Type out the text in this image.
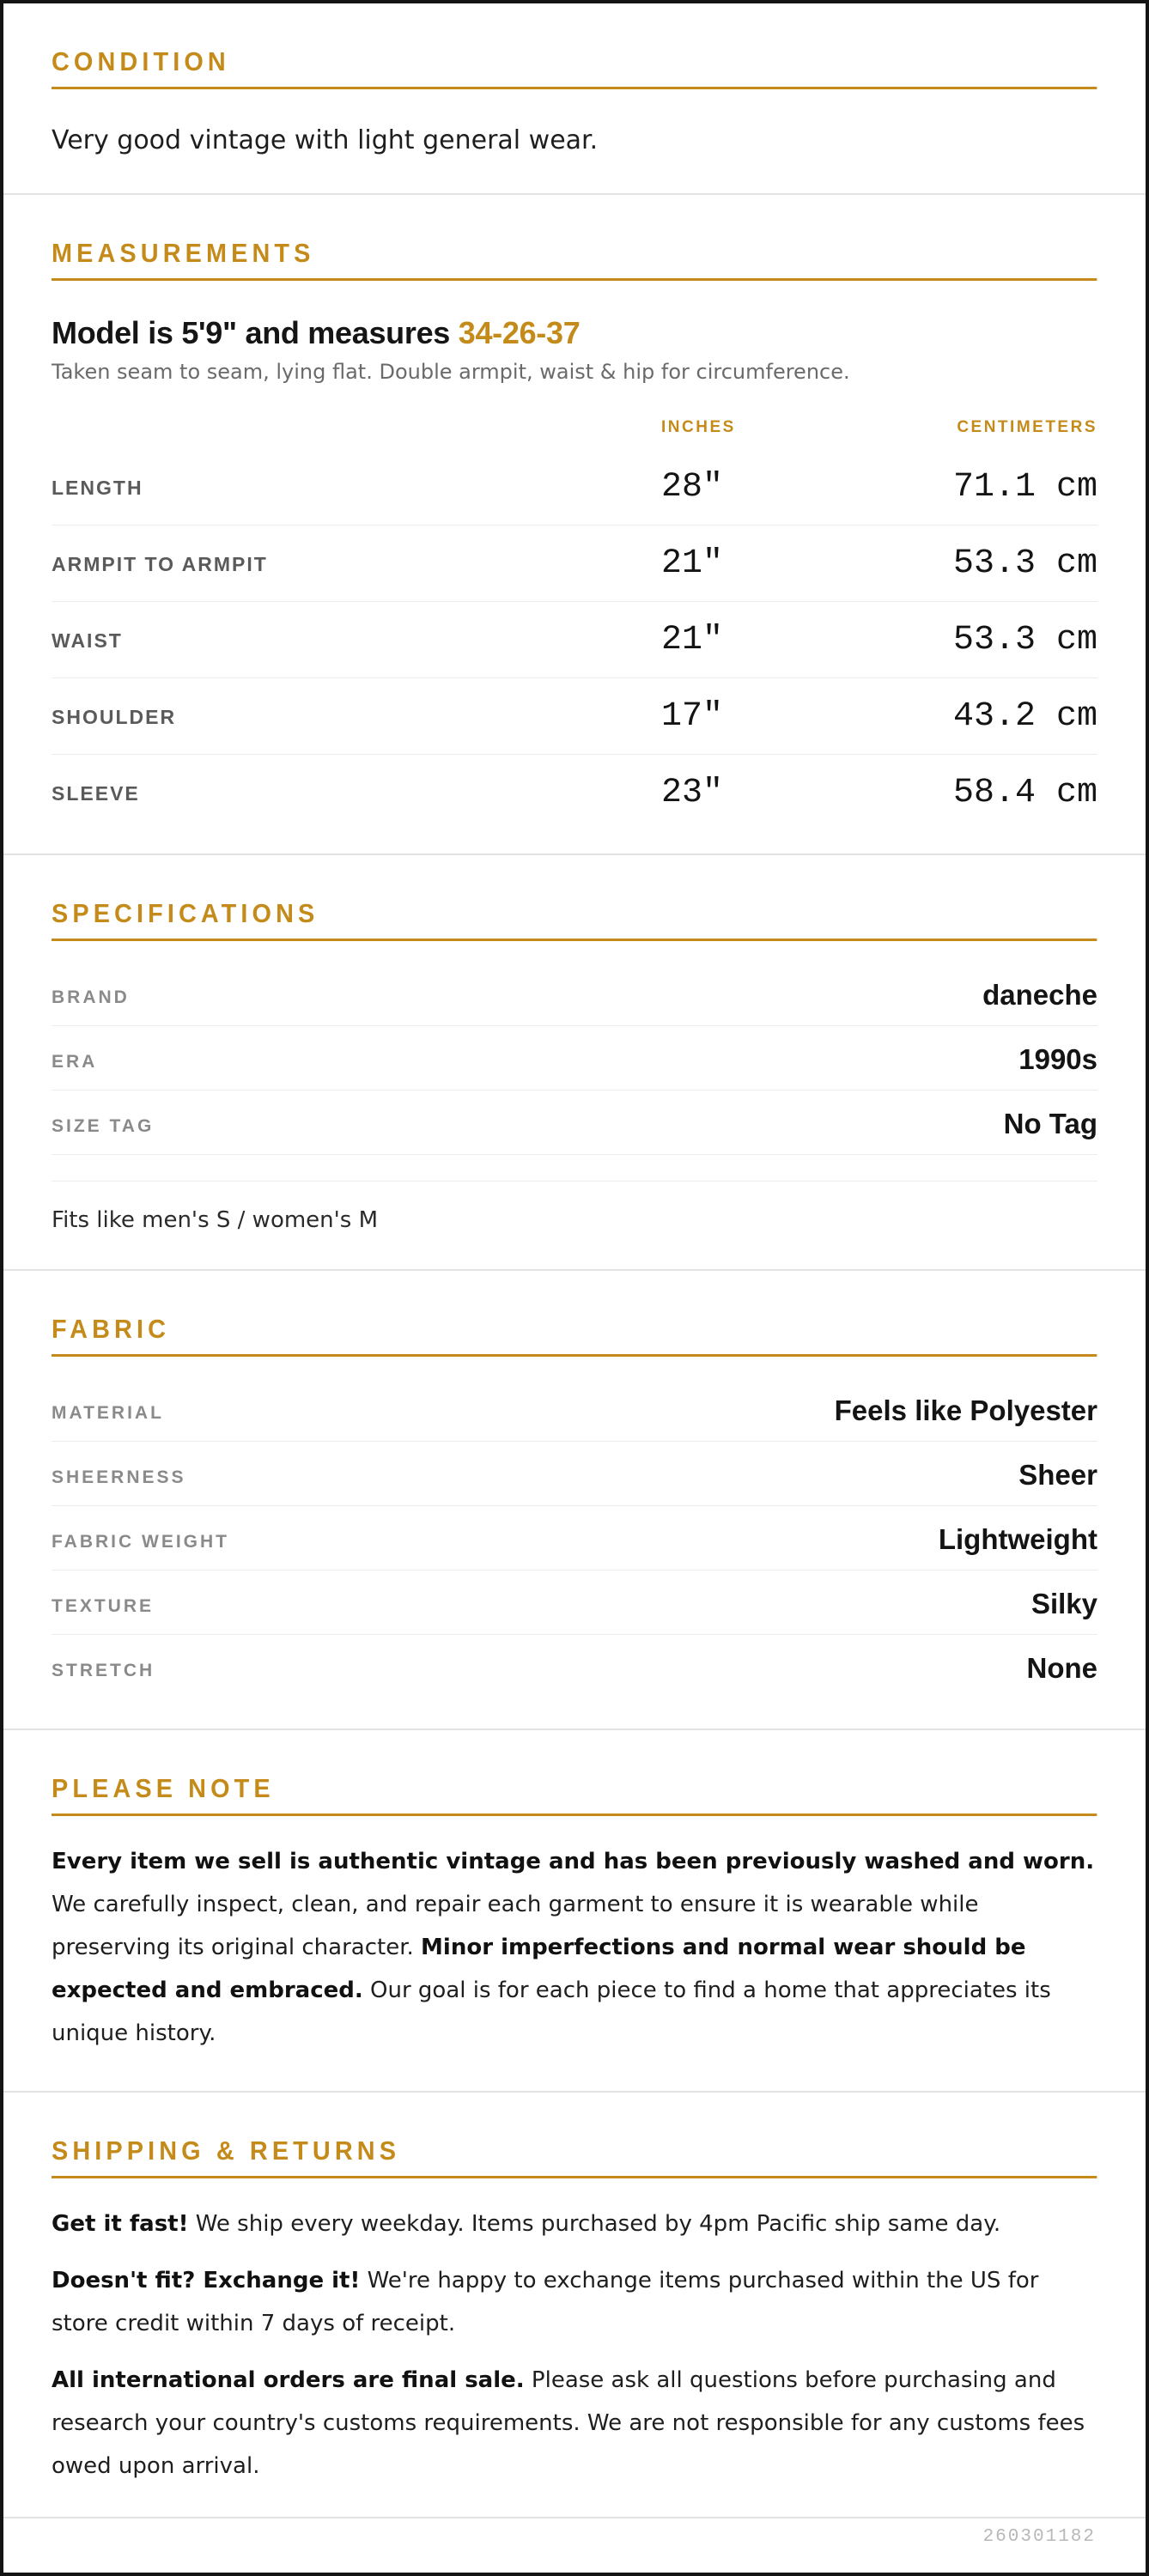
CONDITION

Very good vintage with light general wear.

MEASUREMENTS
Model is 5'9" and measures 34-26-37

Taken seam to seam, lying flat. Double armpit, waist & hip for circumference.

INCHES	CENTIMETERS
LENGTH	28"	71.1 cm
ARMPIT TO ARMPIT	21"	53.3 cm
WAIST	21"	53.3 cm
SHOULDER	17"	43.2 cm
SLEEVE	23"	58.4 cm
SPECIFICATIONS
BRAND	daneche
ERA	1990s
SIZE TAG	No Tag

Fits like men's S / women's M

FABRIC
MATERIAL	Feels like Polyester
SHEERNESS	Sheer
FABRIC WEIGHT	Lightweight
TEXTURE	Silky
STRETCH	None
PLEASE NOTE

Every item we sell is authentic vintage and has been previously washed and worn. We carefully inspect, clean, and repair each garment to ensure it is wearable while preserving its original character. Minor imperfections and normal wear should be expected and embraced. Our goal is for each piece to find a home that appreciates its unique history.

SHIPPING & RETURNS

Get it fast! We ship every weekday. Items purchased by 4pm Pacific ship same day.

Doesn't fit? Exchange it! We're happy to exchange items purchased within the US for store credit within 7 days of receipt.

All international orders are final sale. Please ask all questions before purchasing and research your country's customs requirements. We are not responsible for any customs fees owed upon arrival.

260301182
